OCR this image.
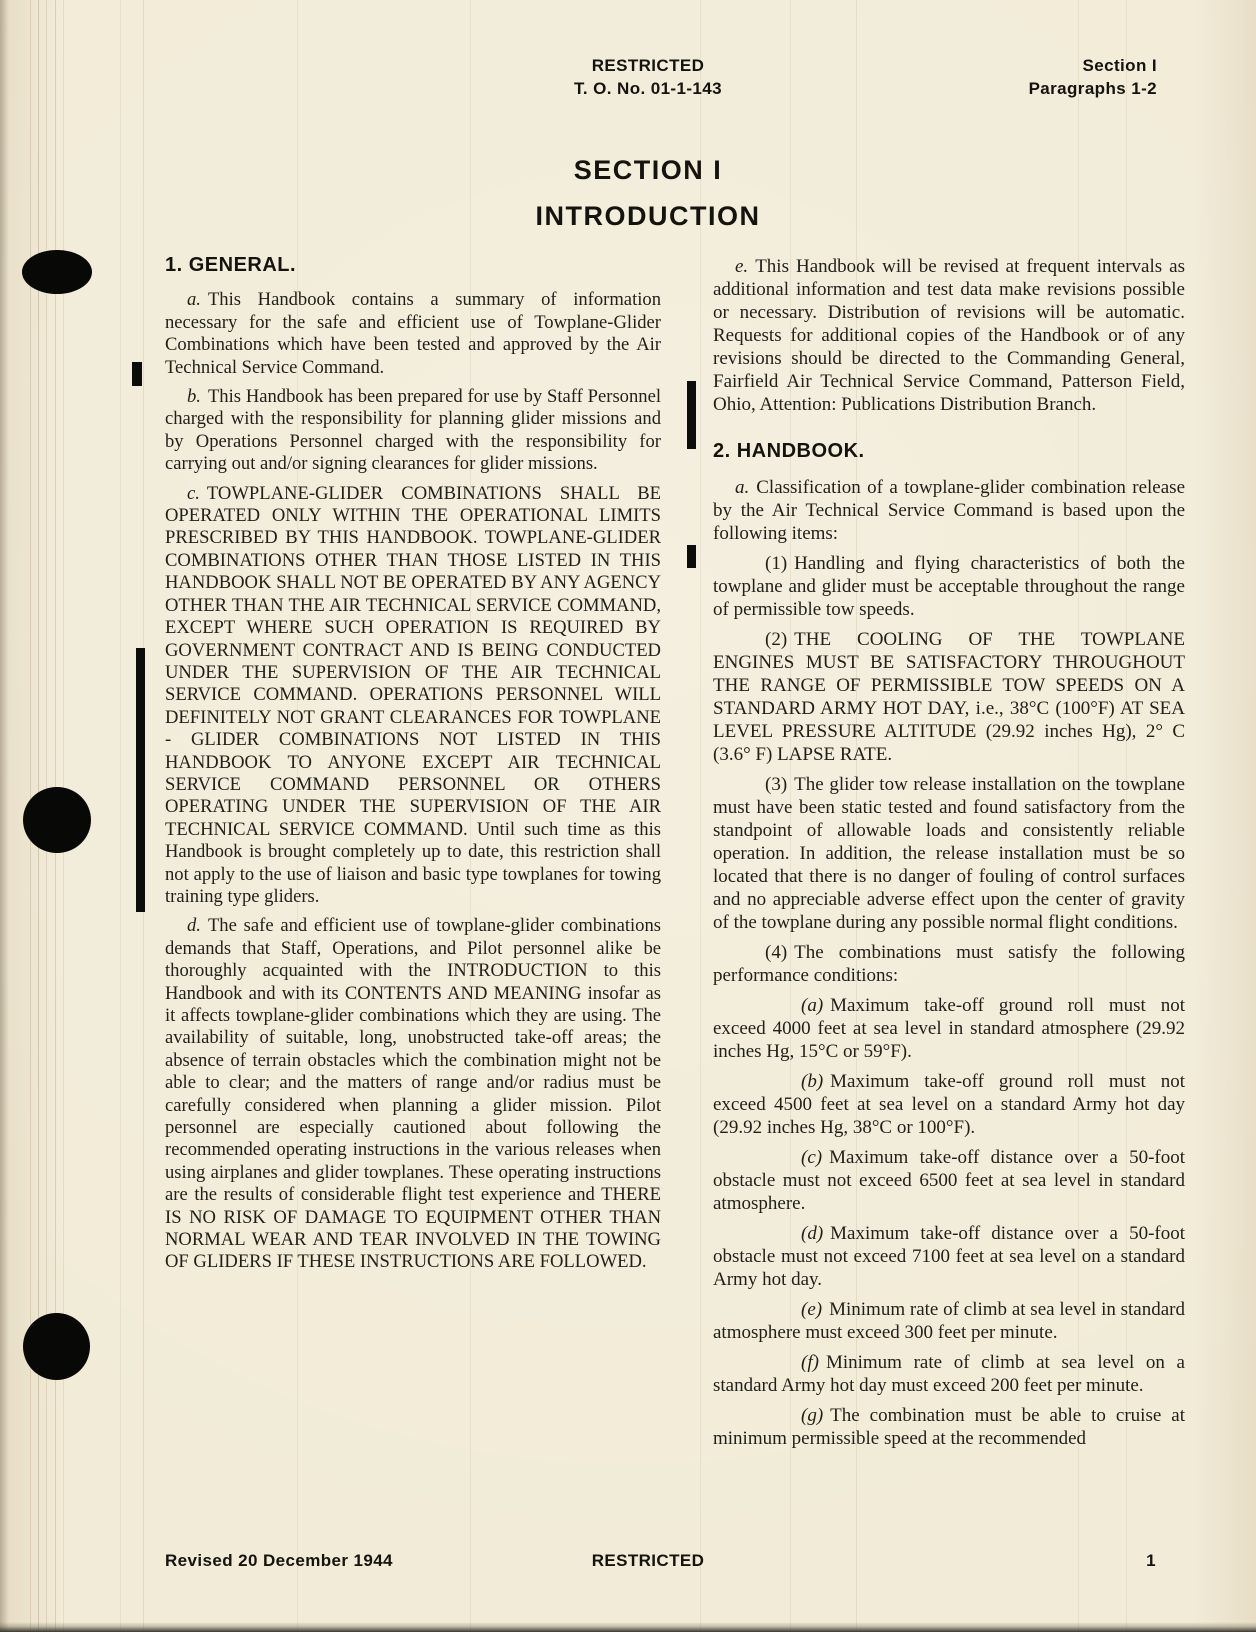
RESTRICTED
T. O. No. 01-1-143
Section I
Paragraphs 1-2
SECTION I
INTRODUCTION
1. GENERAL.
a. This Handbook contains a summary of information necessary for the safe and efficient use of Towplane-Glider Combinations which have been tested and approved by the Air Technical Service Command.
b. This Handbook has been prepared for use by Staff Personnel charged with the responsibility for planning glider missions and by Operations Personnel charged with the responsibility for carrying out and/or signing clearances for glider missions.
c. TOWPLANE-GLIDER COMBINATIONS SHALL BE OPERATED ONLY WITHIN THE OPERATIONAL LIMITS PRESCRIBED BY THIS HANDBOOK. TOWPLANE-GLIDER COMBINATIONS OTHER THAN THOSE LISTED IN THIS HANDBOOK SHALL NOT BE OPERATED BY ANY AGENCY OTHER THAN THE AIR TECHNICAL SERVICE COMMAND, EXCEPT WHERE SUCH OPERATION IS REQUIRED BY GOVERNMENT CONTRACT AND IS BEING CONDUCTED UNDER THE SUPERVISION OF THE AIR TECHNICAL SERVICE COMMAND. OPERATIONS PERSONNEL WILL DEFINITELY NOT GRANT CLEARANCES FOR TOWPLANE - GLIDER COMBINATIONS NOT LISTED IN THIS HANDBOOK TO ANYONE EXCEPT AIR TECHNICAL SERVICE COMMAND PERSONNEL OR OTHERS OPERATING UNDER THE SUPERVISION OF THE AIR TECHNICAL SERVICE COMMAND. Until such time as this Handbook is brought completely up to date, this restriction shall not apply to the use of liaison and basic type towplanes for towing training type gliders.
d. The safe and efficient use of towplane-glider combinations demands that Staff, Operations, and Pilot personnel alike be thoroughly acquainted with the INTRODUCTION to this Handbook and with its CONTENTS AND MEANING insofar as it affects towplane-glider combinations which they are using. The availability of suitable, long, unobstructed take-off areas; the absence of terrain obstacles which the combination might not be able to clear; and the matters of range and/or radius must be carefully considered when planning a glider mission. Pilot personnel are especially cautioned about following the recommended operating instructions in the various releases when using airplanes and glider towplanes. These operating instructions are the results of considerable flight test experience and THERE IS NO RISK OF DAMAGE TO EQUIPMENT OTHER THAN NORMAL WEAR AND TEAR INVOLVED IN THE TOWING OF GLIDERS IF THESE INSTRUCTIONS ARE FOLLOWED.
e. This Handbook will be revised at frequent intervals as additional information and test data make revisions possible or necessary. Distribution of revisions will be automatic. Requests for additional copies of the Handbook or of any revisions should be directed to the Commanding General, Fairfield Air Technical Service Command, Patterson Field, Ohio, Attention: Publications Distribution Branch.
2. HANDBOOK.
a. Classification of a towplane-glider combination release by the Air Technical Service Command is based upon the following items:
(1) Handling and flying characteristics of both the towplane and glider must be acceptable throughout the range of permissible tow speeds.
(2) THE COOLING OF THE TOWPLANE ENGINES MUST BE SATISFACTORY THROUGHOUT THE RANGE OF PERMISSIBLE TOW SPEEDS ON A STANDARD ARMY HOT DAY, i.e., 38°C (100°F) AT SEA LEVEL PRESSURE ALTITUDE (29.92 inches Hg), 2° C (3.6° F) LAPSE RATE.
(3) The glider tow release installation on the towplane must have been static tested and found satisfactory from the standpoint of allowable loads and consistently reliable operation. In addition, the release installation must be so located that there is no danger of fouling of control surfaces and no appreciable adverse effect upon the center of gravity of the towplane during any possible normal flight conditions.
(4) The combinations must satisfy the following performance conditions:
(a) Maximum take-off ground roll must not exceed 4000 feet at sea level in standard atmosphere (29.92 inches Hg, 15°C or 59°F).
(b) Maximum take-off ground roll must not exceed 4500 feet at sea level on a standard Army hot day (29.92 inches Hg, 38°C or 100°F).
(c) Maximum take-off distance over a 50-foot obstacle must not exceed 6500 feet at sea level in standard atmosphere.
(d) Maximum take-off distance over a 50-foot obstacle must not exceed 7100 feet at sea level on a standard Army hot day.
(e) Minimum rate of climb at sea level in standard atmosphere must exceed 300 feet per minute.
(f) Minimum rate of climb at sea level on a standard Army hot day must exceed 200 feet per minute.
(g) The combination must be able to cruise at minimum permissible speed at the recommended
Revised 20 December 1944	RESTRICTED	1
